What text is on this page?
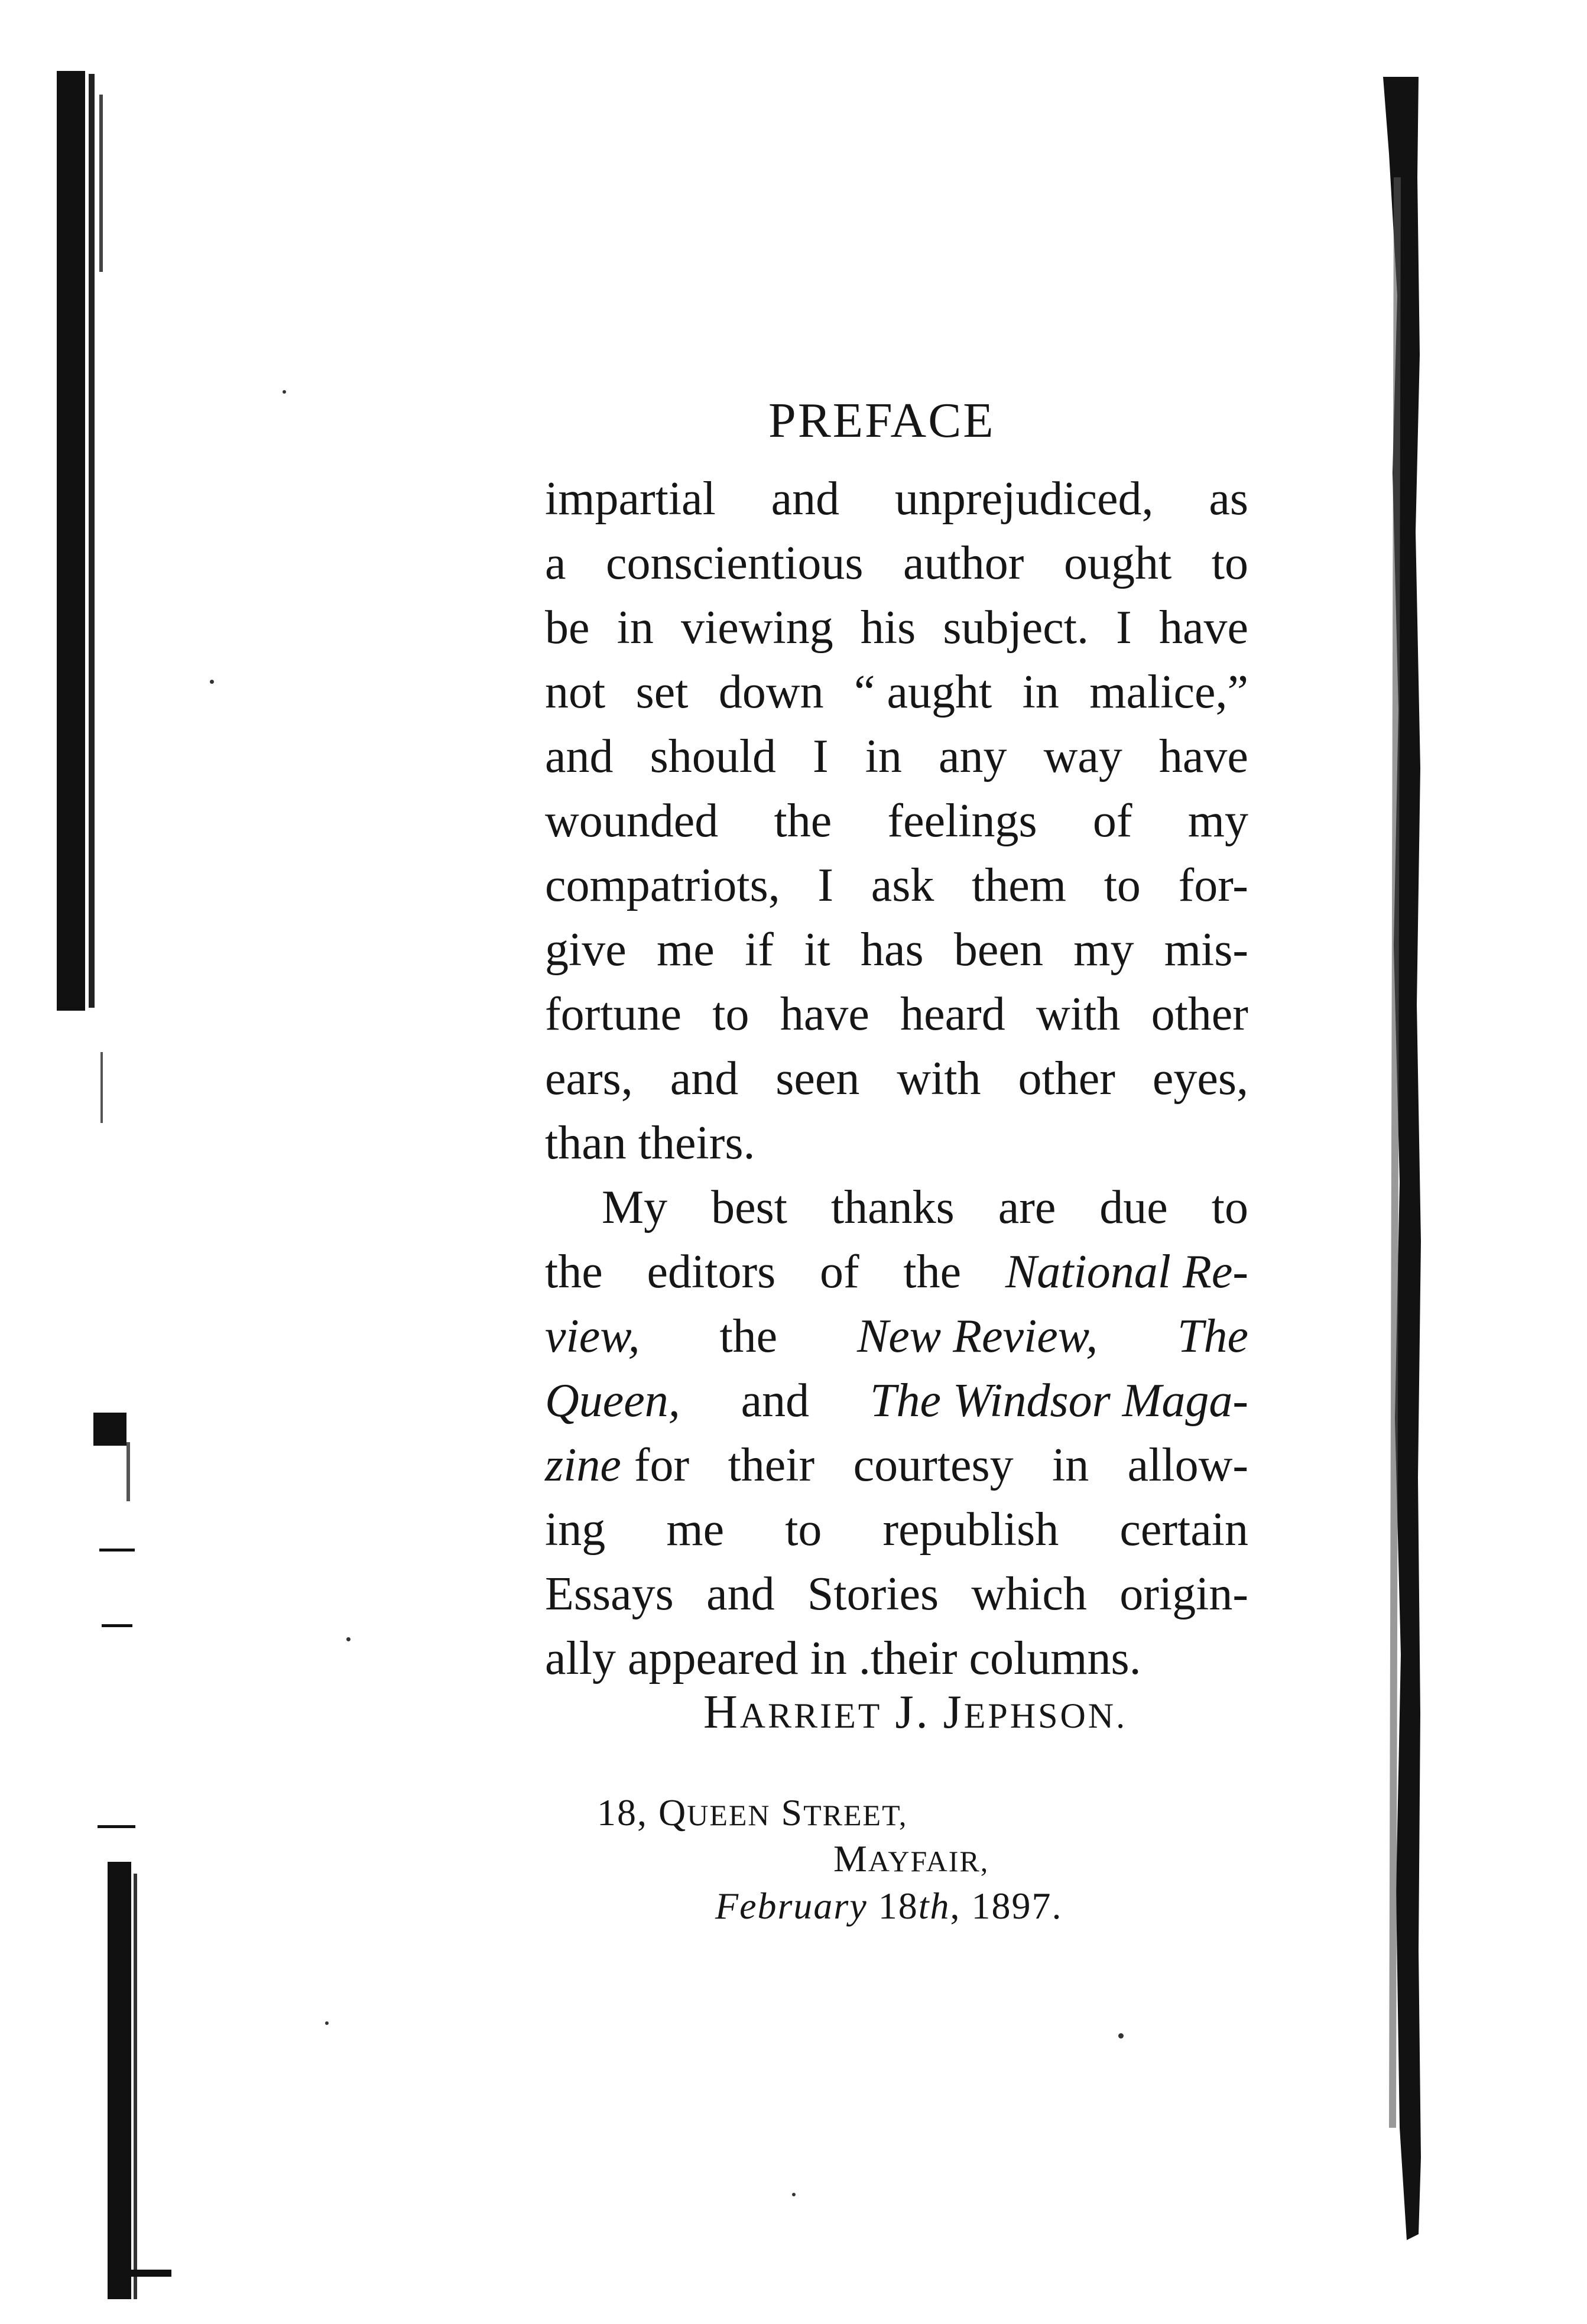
PREFACE
impartial and unprejudiced, as
a conscientious author ought to
be in viewing his subject. I have
not set down “ aught in malice,”
and should I in any way have
wounded the feelings of my
compatriots, I ask them to for-
give me if it has been my mis-
fortune to have heard with other
ears, and seen with other eyes,
than
theirs.
My best thanks are due to
the editors of the National Re-
view, the New Review, The
Queen, and The Windsor Maga-
zine for their courtesy in allow-
ing me to republish certain
Essays and Stories which origin-
ally
appeared
in
.their
columns.
HARRIET J. JEPHSON.
18, QUEEN STREET,
MAYFAIR,
February 18th, 1897.
